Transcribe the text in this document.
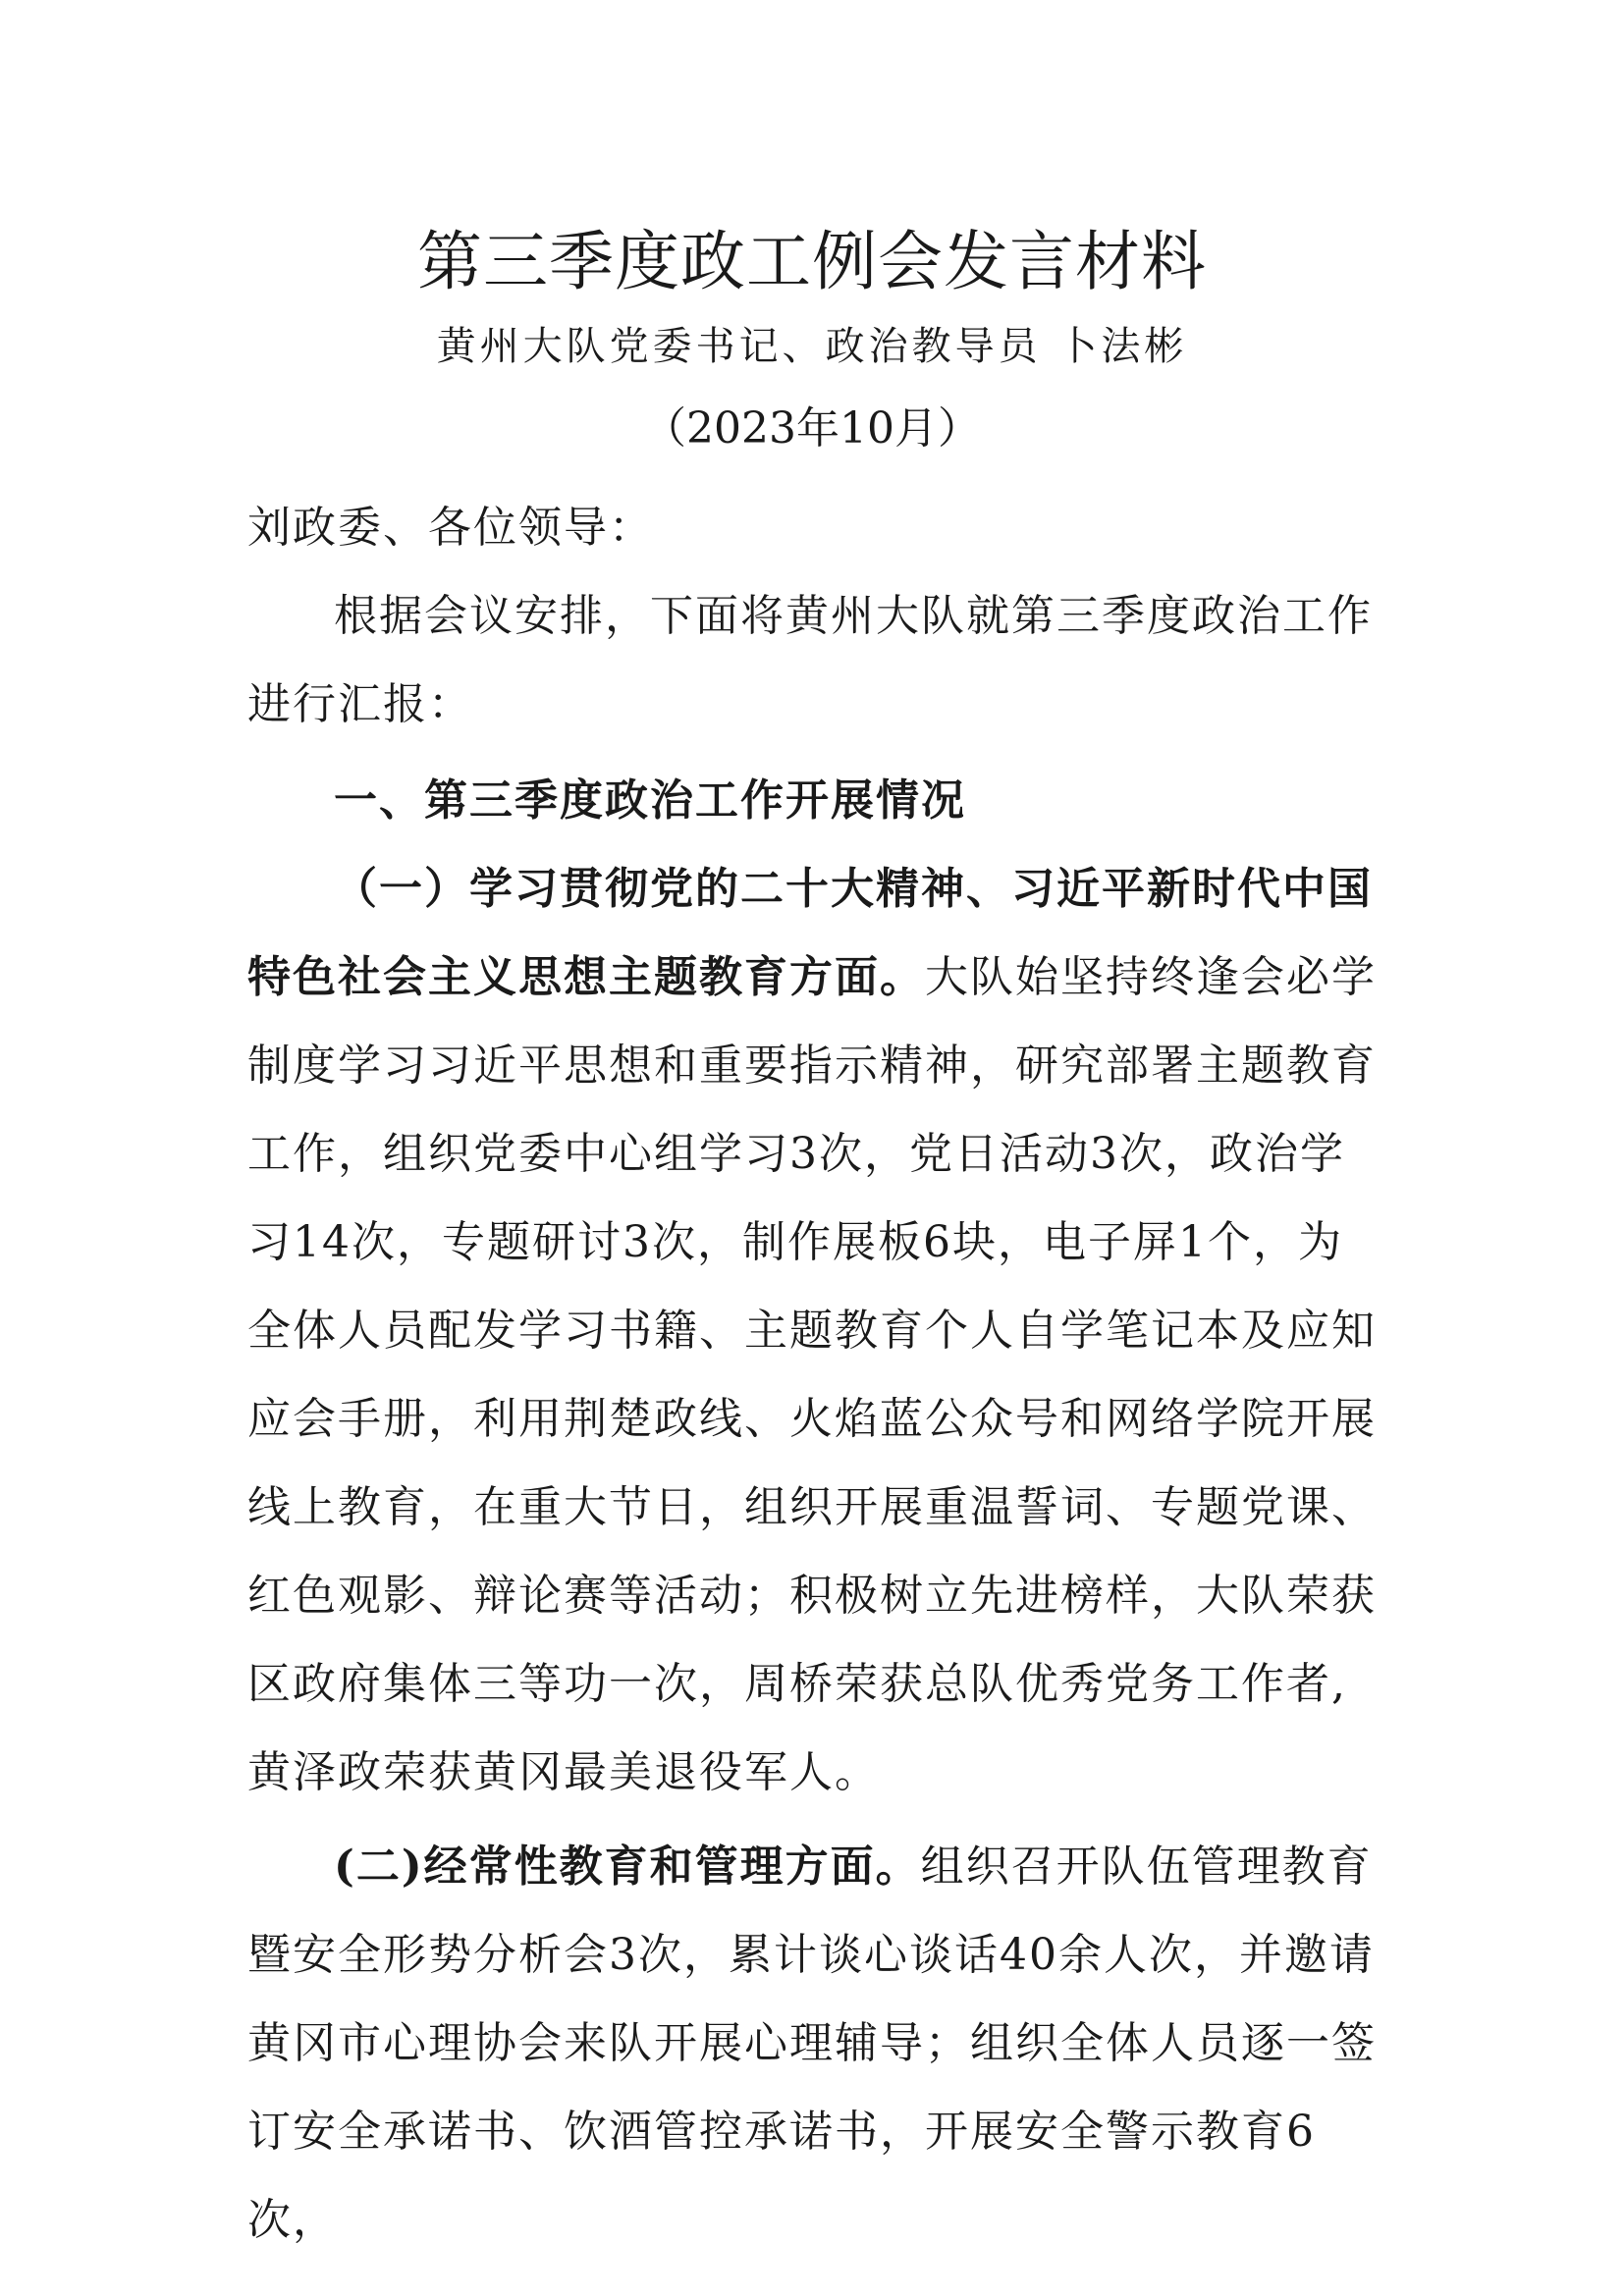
第三季度政工例会发言材料
黄州大队党委书记、政治教导员 卜法彬
（2023年10月）

刘政委、各位领导：

根据会议安排，下面将黄州大队就第三季度政治工作进行汇报：

一、第三季度政治工作开展情况

（一）学习贯彻党的二十大精神、习近平新时代中国特色社会主义思想主题教育方面。大队始坚持终逢会必学制度学习习近平思想和重要指示精神，研究部署主题教育工作，组织党委中心组学习3次，党日活动3次，政治学习14次，专题研讨3次，制作展板6块，电子屏1个，为全体人员配发学习书籍、主题教育个人自学笔记本及应知应会手册，利用荆楚政线、火焰蓝公众号和网络学院开展线上教育，在重大节日，组织开展重温誓词、专题党课、红色观影、辩论赛等活动；积极树立先进榜样，大队荣获区政府集体三等功一次，周桥荣获总队优秀党务工作者,黄泽政荣获黄冈最美退役军人。

(二)经常性教育和管理方面。组织召开队伍管理教育暨安全形势分析会3次，累计谈心谈话40余人次，并邀请黄冈市心理协会来队开展心理辅导；组织全体人员逐一签订安全承诺书、饮酒管控承诺书，开展安全警示教育6次，
